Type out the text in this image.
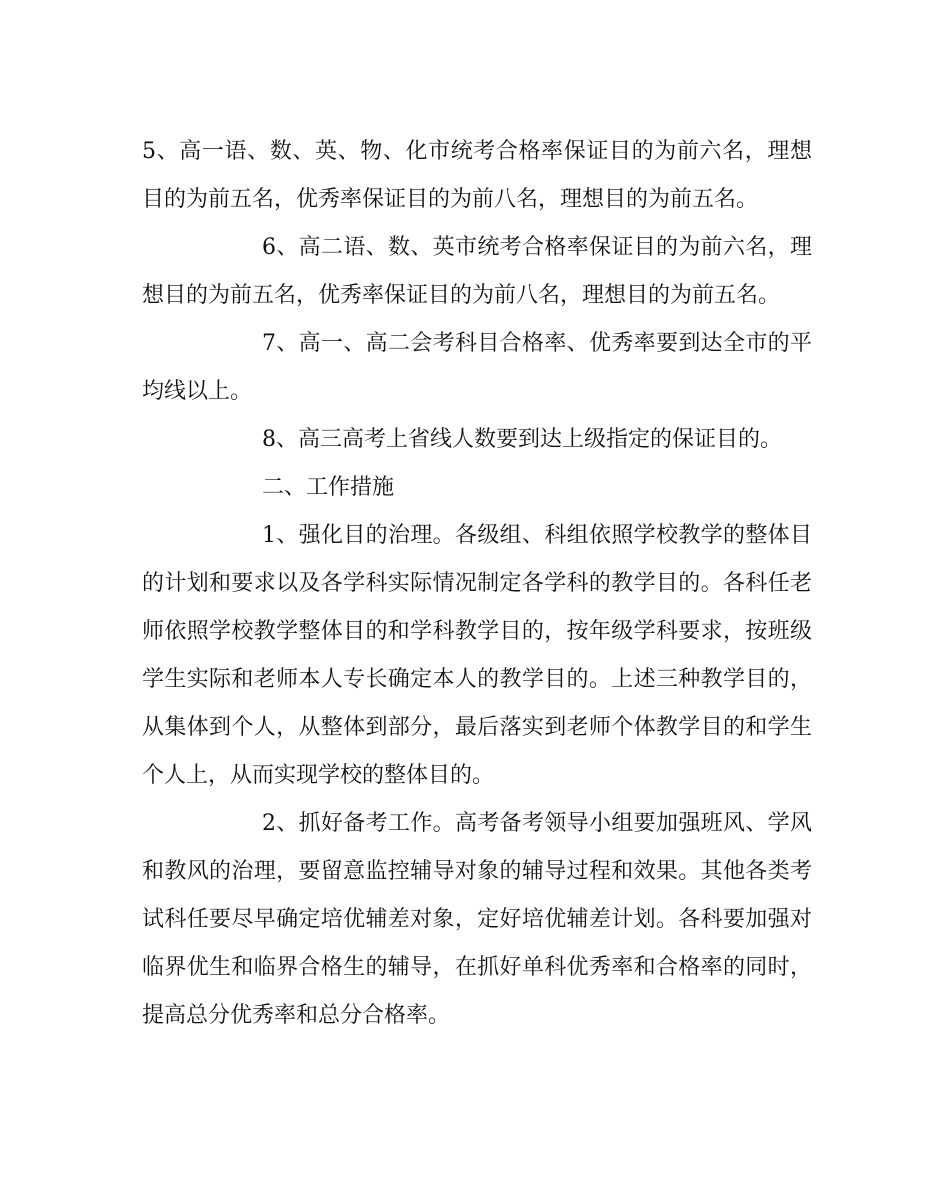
5、高一语、数、英、物、化市统考合格率保证目的为前六名，理想目的为前五名，优秀率保证目的为前八名，理想目的为前五名。

6、高二语、数、英市统考合格率保证目的为前六名，理想目的为前五名，优秀率保证目的为前八名，理想目的为前五名。

7、高一、高二会考科目合格率、优秀率要到达全市的平均线以上。

8、高三高考上省线人数要到达上级指定的保证目的。

二、工作措施

1、强化目的治理。各级组、科组依照学校教学的整体目的计划和要求以及各学科实际情况制定各学科的教学目的。各科任老师依照学校教学整体目的和学科教学目的，按年级学科要求，按班级学生实际和老师本人专长确定本人的教学目的。上述三种教学目的，从集体到个人，从整体到部分，最后落实到老师个体教学目的和学生个人上，从而实现学校的整体目的。

2、抓好备考工作。高考备考领导小组要加强班风、学风和教风的治理，要留意监控辅导对象的辅导过程和效果。其他各类考试科任要尽早确定培优辅差对象，定好培优辅差计划。各科要加强对临界优生和临界合格生的辅导，在抓好单科优秀率和合格率的同时，提高总分优秀率和总分合格率。
